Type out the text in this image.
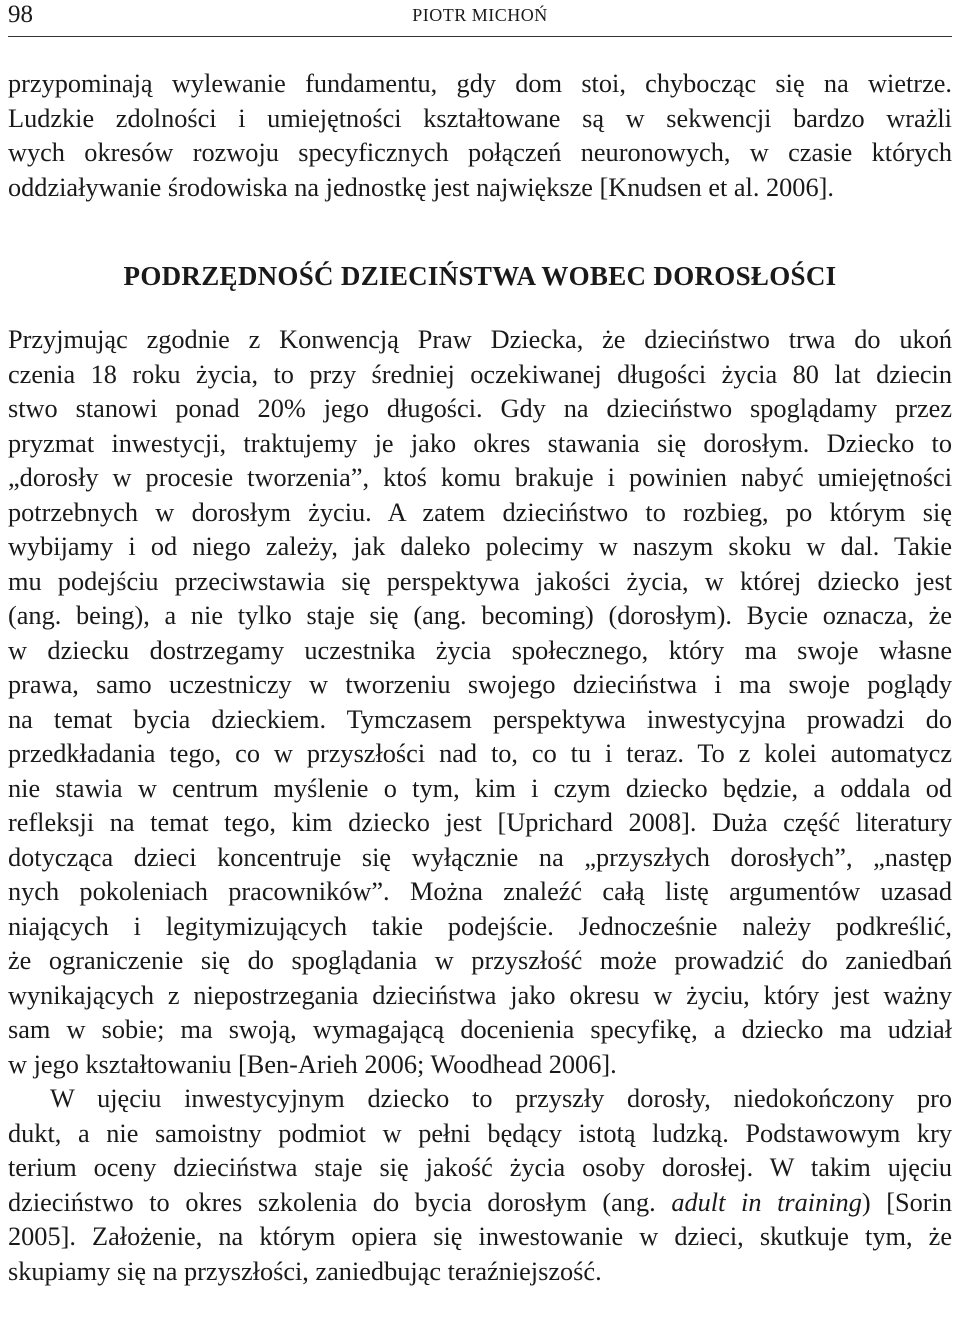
98	PIOTR MICHOŃ

przypominają wylewanie fundamentu, gdy dom stoi, chybocząc się na wietrze.
Ludzkie zdolności i umiejętności kształtowane są w sekwencji bardzo wrażli
wych okresów rozwoju specyficznych połączeń neuronowych, w czasie których
oddziaływanie środowiska na jednostkę jest największe [Knudsen et al. 2006].

PODRZĘDNOŚĆ DZIECIŃSTWA WOBEC DOROSŁOŚCI

Przyjmując zgodnie z Konwencją Praw Dziecka, że dzieciństwo trwa do ukoń
czenia 18 roku życia, to przy średniej oczekiwanej długości życia 80 lat dziecin
stwo stanowi ponad 20% jego długości. Gdy na dzieciństwo spoglądamy przez
pryzmat inwestycji, traktujemy je jako okres stawania się dorosłym. Dziecko to
„dorosły w procesie tworzenia”, ktoś komu brakuje i powinien nabyć umiejętności
potrzebnych w dorosłym życiu. A zatem dzieciństwo to rozbieg, po którym się
wybijamy i od niego zależy, jak daleko polecimy w naszym skoku w dal. Takie
mu podejściu przeciwstawia się perspektywa jakości życia, w której dziecko jest
(ang. being), a nie tylko staje się (ang. becoming) (dorosłym). Bycie oznacza, że
w dziecku dostrzegamy uczestnika życia społecznego, który ma swoje własne
prawa, samo uczestniczy w tworzeniu swojego dzieciństwa i ma swoje poglądy
na temat bycia dzieckiem. Tymczasem perspektywa inwestycyjna prowadzi do
przedkładania tego, co w przyszłości nad to, co tu i teraz. To z kolei automatycz
nie stawia w centrum myślenie o tym, kim i czym dziecko będzie, a oddala od
refleksji na temat tego, kim dziecko jest [Uprichard 2008]. Duża część literatury
dotycząca dzieci koncentruje się wyłącznie na „przyszłych dorosłych”, „następ
nych pokoleniach pracowników”. Można znaleźć całą listę argumentów uzasad
niających i legitymizujących takie podejście. Jednocześnie należy podkreślić,
że ograniczenie się do spoglądania w przyszłość może prowadzić do zaniedbań
wynikających z niepostrzegania dzieciństwa jako okresu w życiu, który jest ważny
sam w sobie; ma swoją, wymagającą docenienia specyfikę, a dziecko ma udział
w jego kształtowaniu [Ben-Arieh 2006; Woodhead 2006].

W ujęciu inwestycyjnym dziecko to przyszły dorosły, niedokończony pro
dukt, a nie samoistny podmiot w pełni będący istotą ludzką. Podstawowym kry
terium oceny dzieciństwa staje się jakość życia osoby dorosłej. W takim ujęciu
dzieciństwo to okres szkolenia do bycia dorosłym (ang. adult in training) [Sorin
2005]. Założenie, na którym opiera się inwestowanie w dzieci, skutkuje tym, że
skupiamy się na przyszłości, zaniedbując teraźniejszość.
